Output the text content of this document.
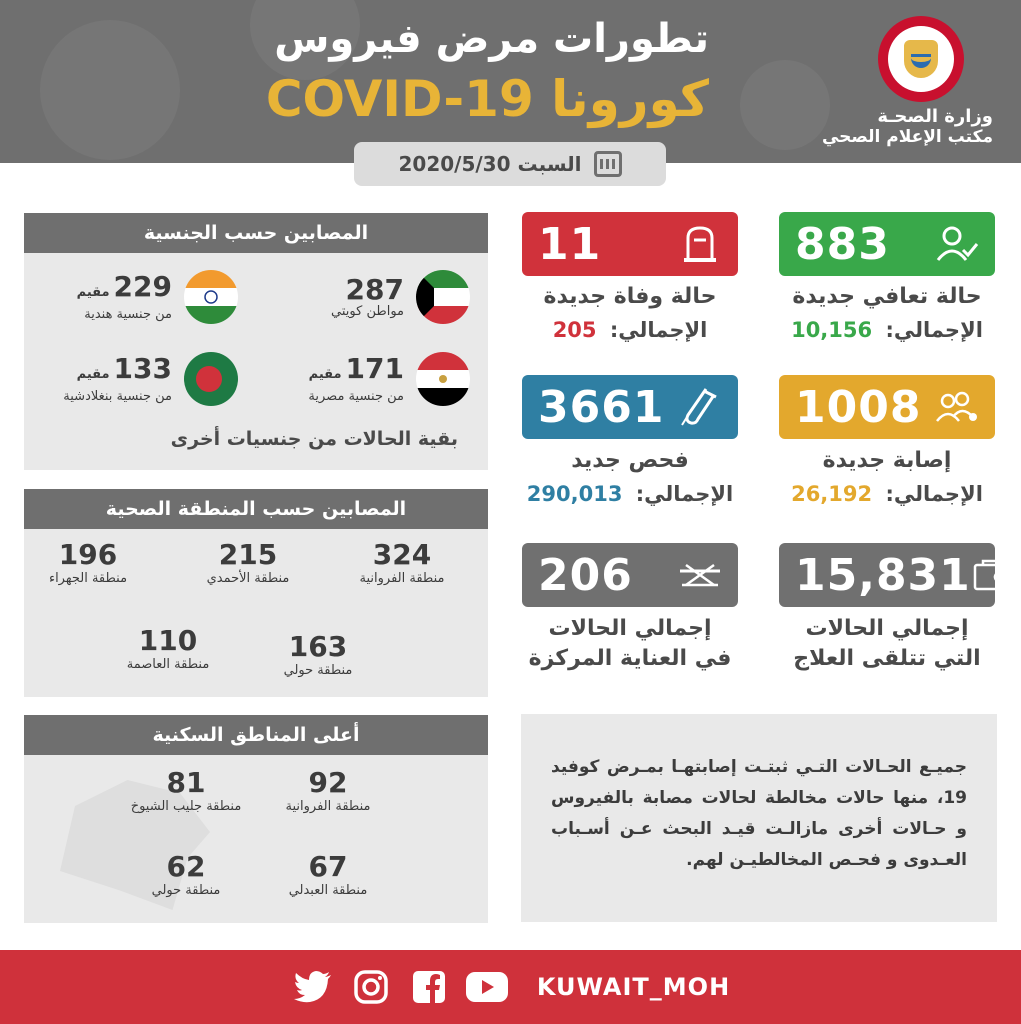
تطورات مرض فيروس
كورونا COVID-19	وزارة الصحـة
مكتب الإعلام الصحي
السبت 2020/5/30
المصابين حسب الجنسية
287
مواطن كويتي
229مقيم
من جنسية هندية
171مقيم
من جنسية مصرية
133مقيم
من جنسية بنغلادشية
بقية الحالات من جنسيات أخرى
المصابين حسب المنطقة الصحية
324
منطقة الفروانية
215
منطقة الأحمدي
196
منطقة الجهراء
163
منطقة حولي
110
منطقة العاصمة
أعلى المناطق السكنية
92
منطقة الفروانية
81
منطقة جليب الشيوخ
67
منطقة العبدلي
62
منطقة حولي
883
حالة تعافي جديدة
الإجمالي: 10,156
11
حالة وفاة جديدة
الإجمالي: 205
1008
إصابة جديدة
الإجمالي: 26,192
3661
فحص جديد
الإجمالي: 290,013
15,831
إجمالي الحالات
التي تتلقى العلاج
206
إجمالي الحالات
في العناية المركزة
جميـع الحـالات التـي ثبتـت إصابتهـا بمـرض كوفيد 19، منها حالات مخالطة لحالات مصابة بالفيروس و حـالات أخرى مازالـت قيـد البحث عـن أسـباب العـدوى و فحـص المخالطيـن لهم.
KUWAIT_MOH
